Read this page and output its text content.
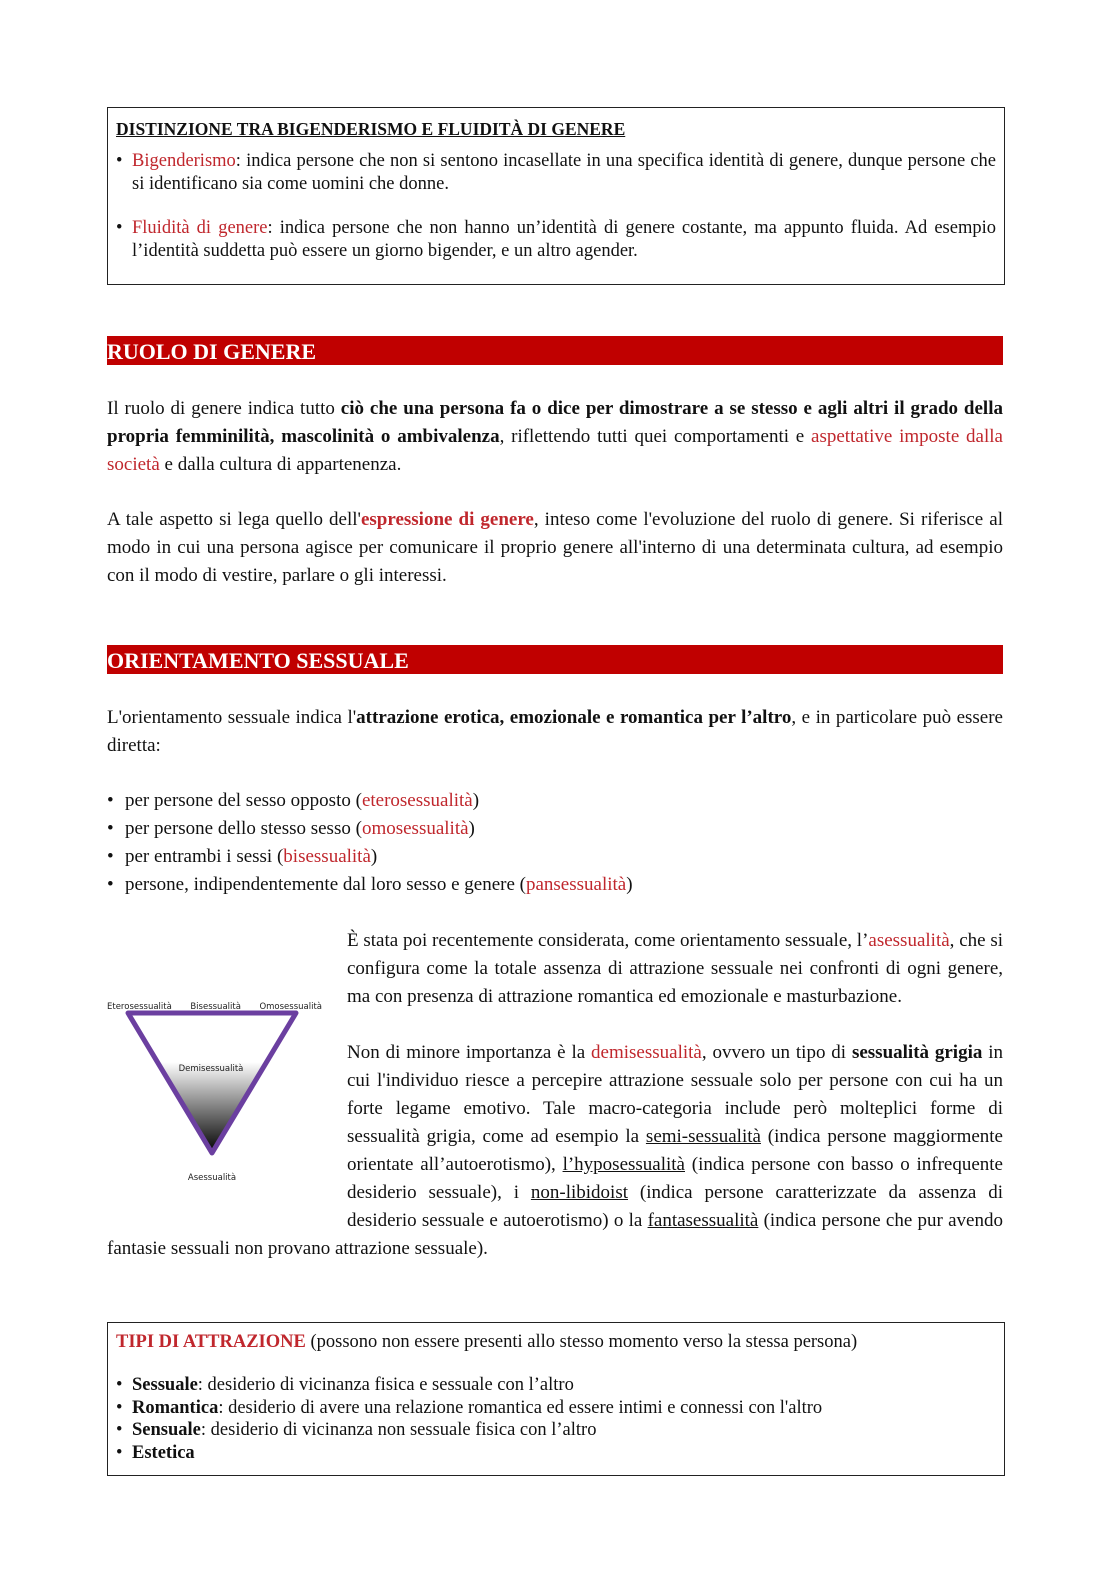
DISTINZIONE TRA BIGENDERISMO E FLUIDITÀ DI GENERE
• Bigenderismo: indica persone che non si sentono incasellate in una specifica identità di genere, dunque persone che si identificano sia come uomini che donne.
• Fluidità di genere: indica persone che non hanno un’identità di genere costante, ma appunto fluida. Ad esempio l’identità suddetta può essere un giorno bigender, e un altro agender.
RUOLO DI GENERE

Il ruolo di genere indica tutto ciò che una persona fa o dice per dimostrare a se stesso e agli altri il grado della propria femminilità, mascolinità o ambivalenza, riflettendo tutti quei comportamenti e aspettative imposte dalla società e dalla cultura di appartenenza.

A tale aspetto si lega quello dell'espressione di genere, inteso come l'evoluzione del ruolo di genere. Si riferisce al modo in cui una persona agisce per comunicare il proprio genere all'interno di una determinata cultura, ad esempio con il modo di vestire, parlare o gli interessi.

ORIENTAMENTO SESSUALE

L'orientamento sessuale indica l'attrazione erotica, emozionale e romantica per l’altro, e in particolare può essere diretta:

• per persone del sesso opposto (eterosessualità)
• per persone dello stesso sesso (omosessualità)
• per entrambi i sessi (bisessualità)
• persone, indipendentemente dal loro sesso e genere (pansessualità)
Eterosessualità Bisessualità Omosessualità
Demisessualità
Asessualità

È stata poi recentemente considerata, come orientamento sessuale, l’asessualità, che si configura come la totale assenza di attrazione sessuale nei confronti di ogni genere, ma con presenza di attrazione romantica ed emozionale e masturbazione.

Non di minore importanza è la demisessualità, ovvero un tipo di sessualità grigia in cui l'individuo riesce a percepire attrazione sessuale solo per persone con cui ha un forte legame emotivo. Tale macro-categoria include però molteplici forme di sessualità grigia, come ad esempio la semi-sessualità (indica persone maggiormente orientate all’autoerotismo), l’hyposessualità (indica persone con basso o infrequente desiderio sessuale), i non-libidoist (indica persone caratterizzate da assenza di desiderio sessuale e autoerotismo) o la fantasessualità (indica persone che pur avendo fantasie sessuali non provano attrazione sessuale).

TIPI DI ATTRAZIONE (possono non essere presenti allo stesso momento verso la stessa persona)
• Sessuale: desiderio di vicinanza fisica e sessuale con l’altro
• Romantica: desiderio di avere una relazione romantica ed essere intimi e connessi con l'altro
• Sensuale: desiderio di vicinanza non sessuale fisica con l’altro
• Estetica
